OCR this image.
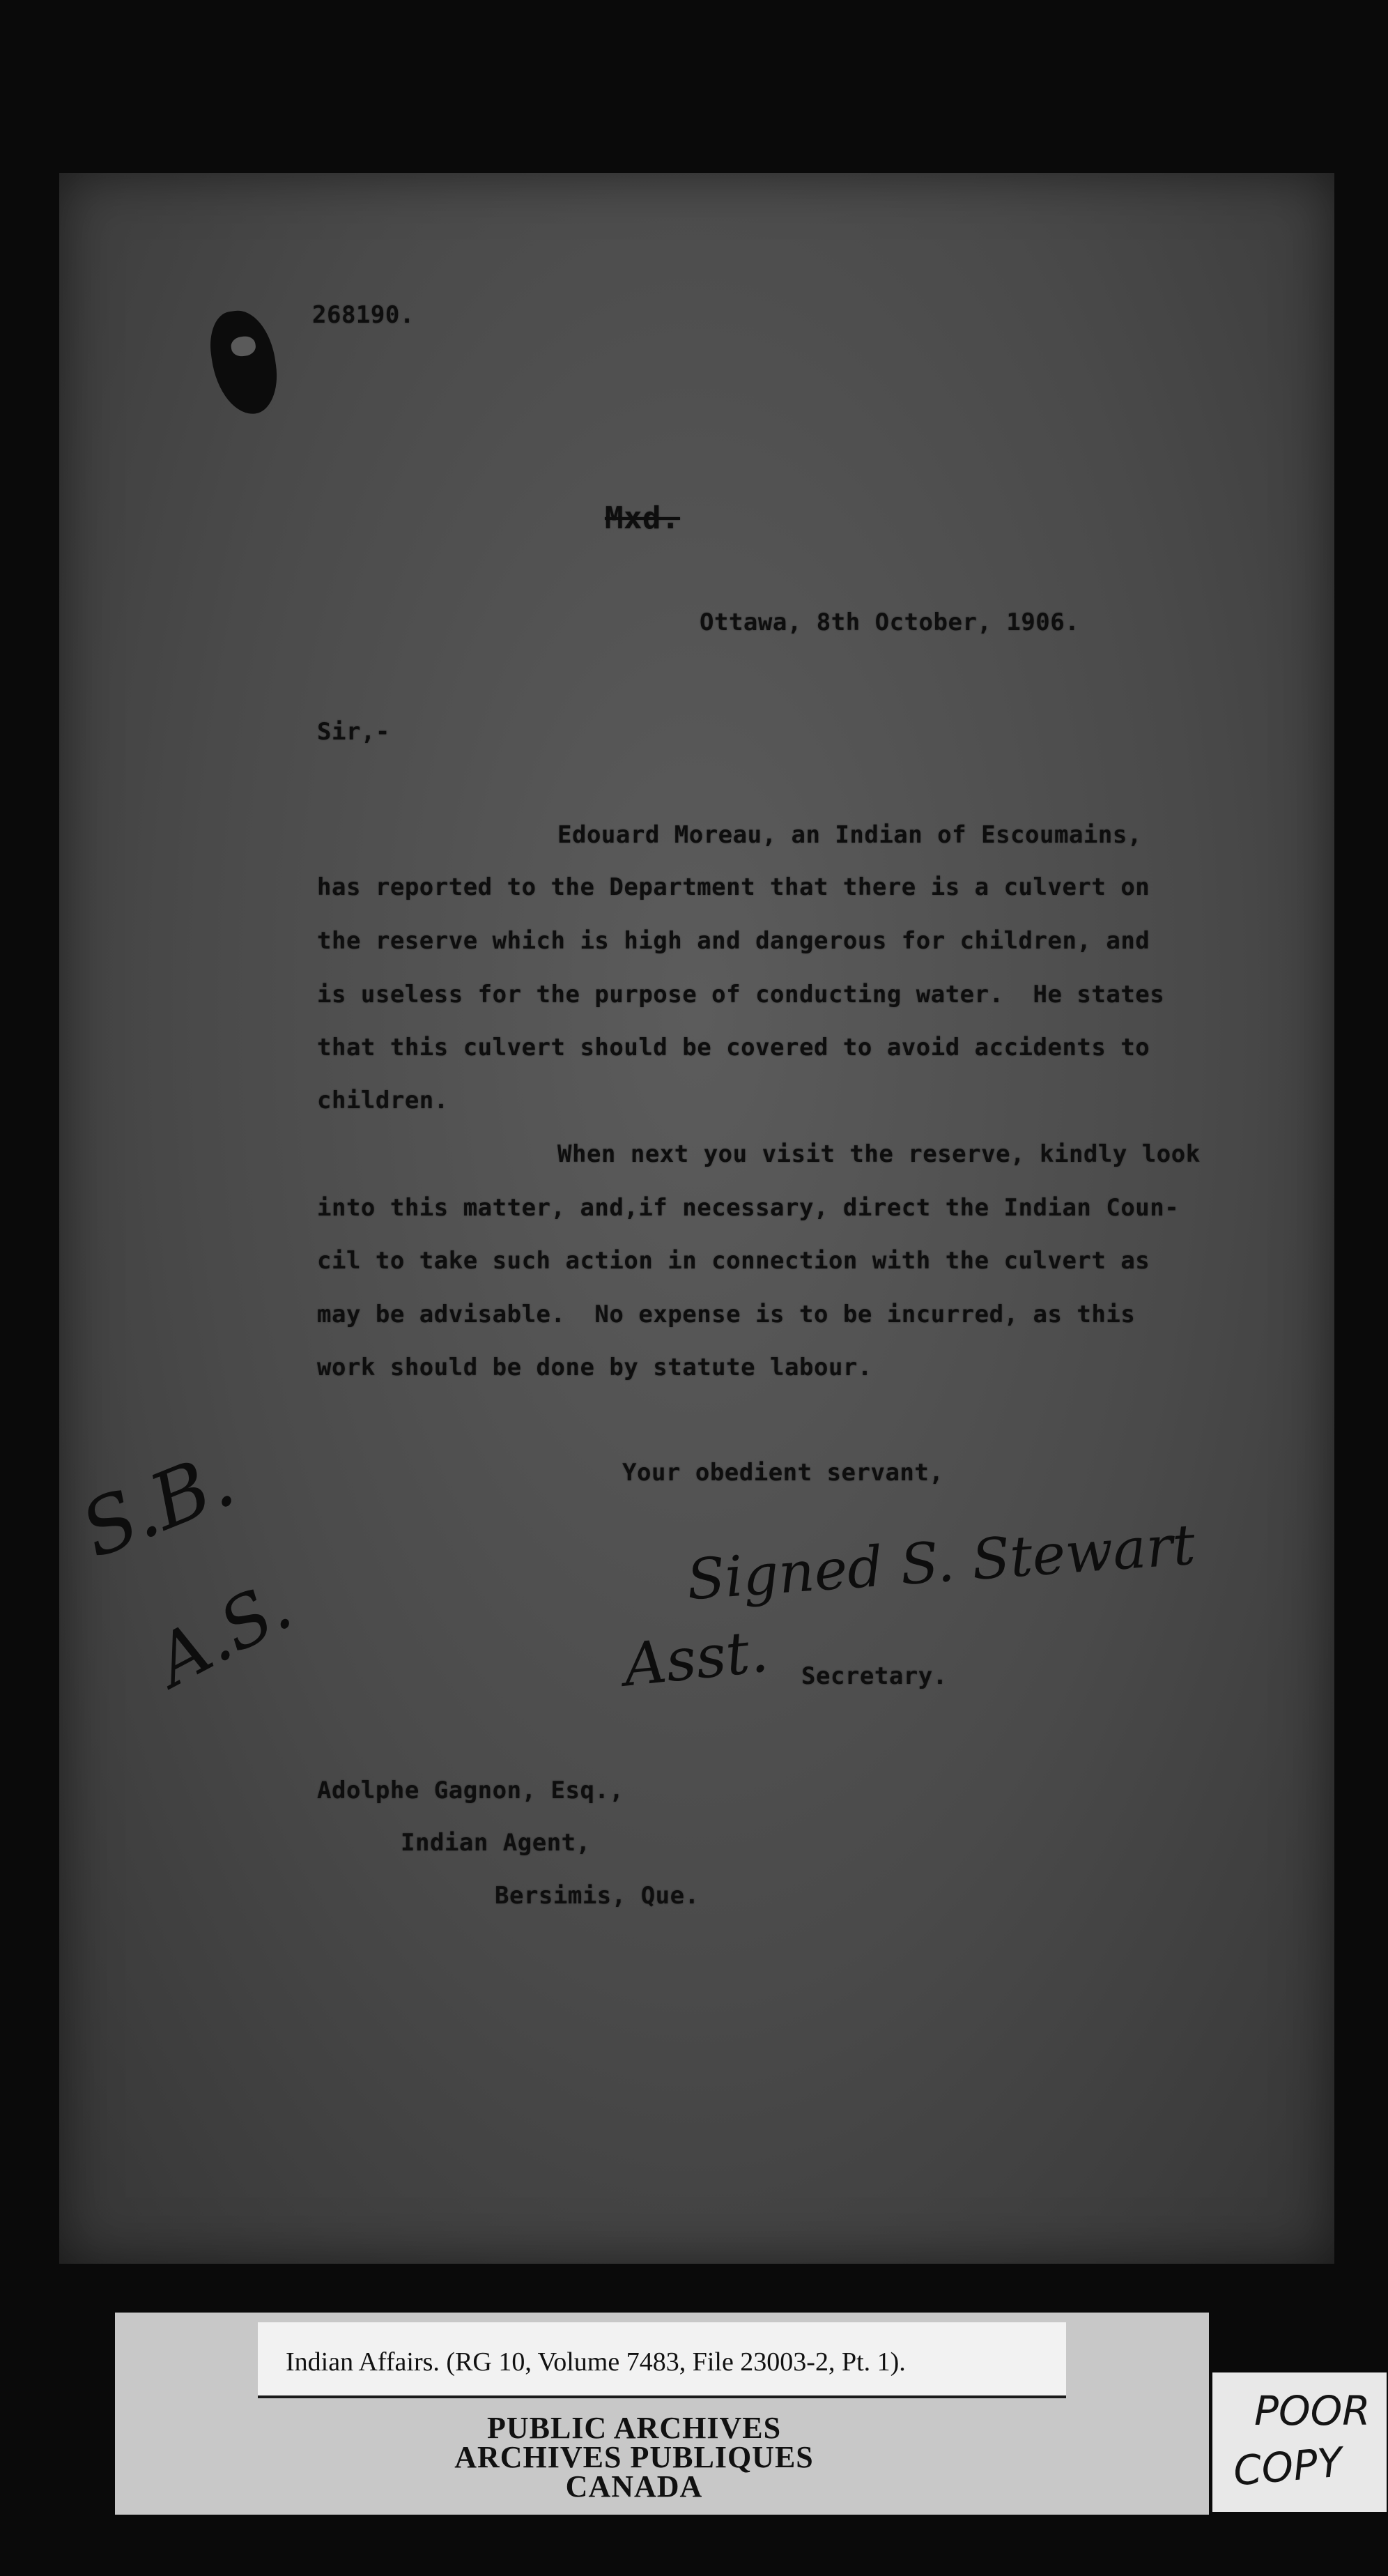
268190.
Mxd.
Ottawa, 8th October, 1906.
Sir,-
Edouard Moreau, an Indian of Escoumains,
has reported to the Department that there is a culvert on
the reserve which is high and dangerous for children, and
is useless for the purpose of conducting water.  He states
that this culvert should be covered to avoid accidents to
children.
When next you visit the reserve, kindly look
into this matter, and,if necessary, direct the Indian Coun-
cil to take such action in connection with the culvert as
may be advisable.  No expense is to be incurred, as this
work should be done by statute labour.
Your obedient servant,
Signed S. Stewart
Asst. Secretary.
Adolphe Gagnon, Esq.,
Indian Agent,
Bersimis, Que.
S.B.
A.S.
Indian Affairs. (RG 10, Volume 7483, File 23003-2, Pt. 1).
PUBLIC ARCHIVES
ARCHIVES PUBLIQUES
CANADA
POOR
COPY
